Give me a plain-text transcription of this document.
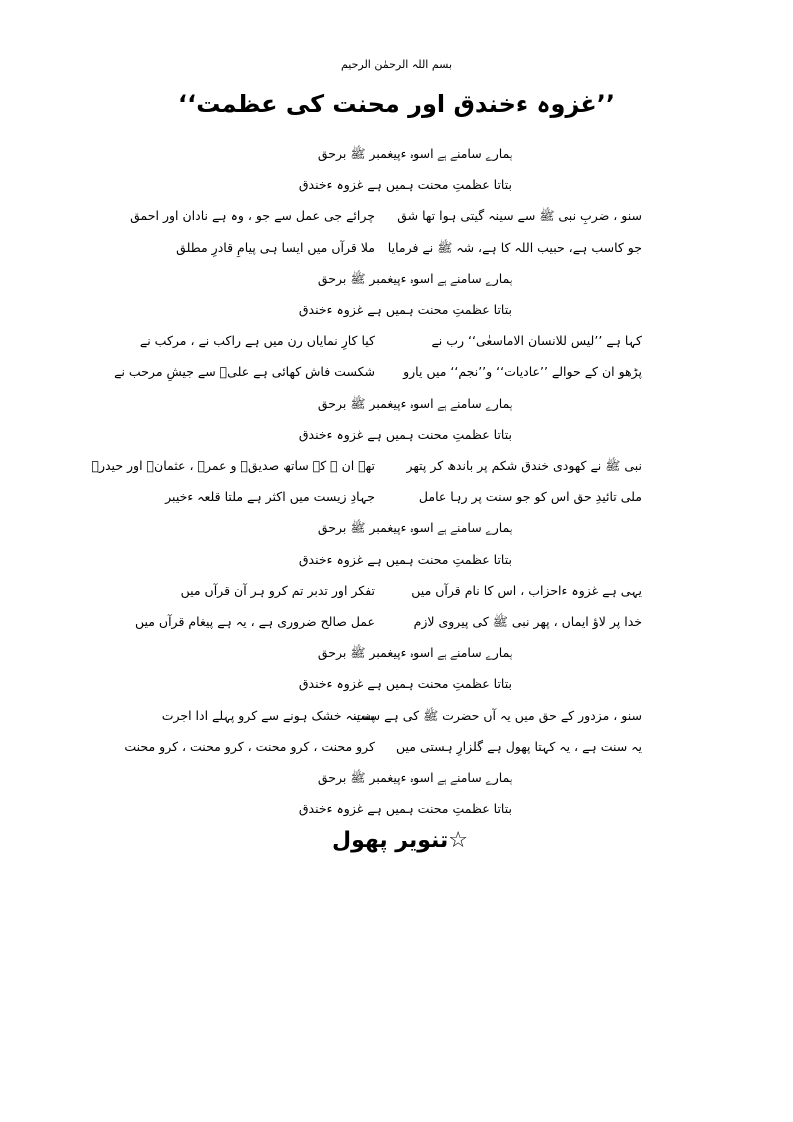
بسم اللہ الرحمٰن الرحیم
’’غزوہ ءخندق اور محنت کی عظمت‘‘
ہمارے سامنے ہے اسوہ ءپیغمبر ﷺ برحق
بتاتا عظمتِ محنت ہمیں ہے غزوہ ءخندق
سنو ، ضربِ نبی ﷺ سے سینہ گیتی ہوا تھا شق
چرائے جی عمل سے جو ، وہ ہے نادان اور احمق
جو کاسب ہے، حبیب اللہ کا ہے، شہ ﷺ نے فرمایا
ملا قرآں میں ایسا ہی پیامِ قادرِ مطلق
ہمارے سامنے ہے اسوہ ءپیغمبر ﷺ برحق
بتاتا عظمتِ محنت ہمیں ہے غزوہ ءخندق
کہا ہے ’’لیس للانسان الاماسعٰی‘‘ رب نے
کیا کارِ نمایاں رن میں ہے راکب نے ، مرکب نے
پڑھو ان کے حوالے ’’عادیات‘‘ و’’نجم‘‘ میں یارو
شکست فاش کھائی ہے علیؓ سے جیشِ مرحب نے
ہمارے سامنے ہے اسوہ ءپیغمبر ﷺ برحق
بتاتا عظمتِ محنت ہمیں ہے غزوہ ءخندق
نبی ﷺ نے کھودی خندق شکم پر باندھ کر پتھر
تھے ان ﷺ کے ساتھ صدیقؓ و عمرؓ ، عثمانؓ اور حیدرؓ
ملی تائیدِ حق اس کو جو سنت پر رہا عامل
جہادِ زیست میں اکثر ہے ملتا قلعہ ءخیبر
ہمارے سامنے ہے اسوہ ءپیغمبر ﷺ برحق
بتاتا عظمتِ محنت ہمیں ہے غزوہ ءخندق
یہی ہے غزوہ ءاحزاب ، اس کا نام قرآں میں
تفکر اور تدبر تم کرو ہر آن قرآں میں
خدا پر لاؤ ایماں ، پھر نبی ﷺ کی پیروی لازم
عمل صالح ضروری ہے ، یہ ہے پیغام قرآں میں
ہمارے سامنے ہے اسوہ ءپیغمبر ﷺ برحق
بتاتا عظمتِ محنت ہمیں ہے غزوہ ءخندق
سنو ، مزدور کے حق میں یہ آں حضرت ﷺ کی ہے سنت
پسینہ خشک ہونے سے کرو پہلے ادا اجرت
یہ سنت ہے ، یہ کہتا پھول ہے گلزارِ ہستی میں
کرو محنت ، کرو محنت ، کرو محنت ، کرو محنت
ہمارے سامنے ہے اسوہ ءپیغمبر ﷺ برحق
بتاتا عظمتِ محنت ہمیں ہے غزوہ ءخندق
☆تنویر پھول
